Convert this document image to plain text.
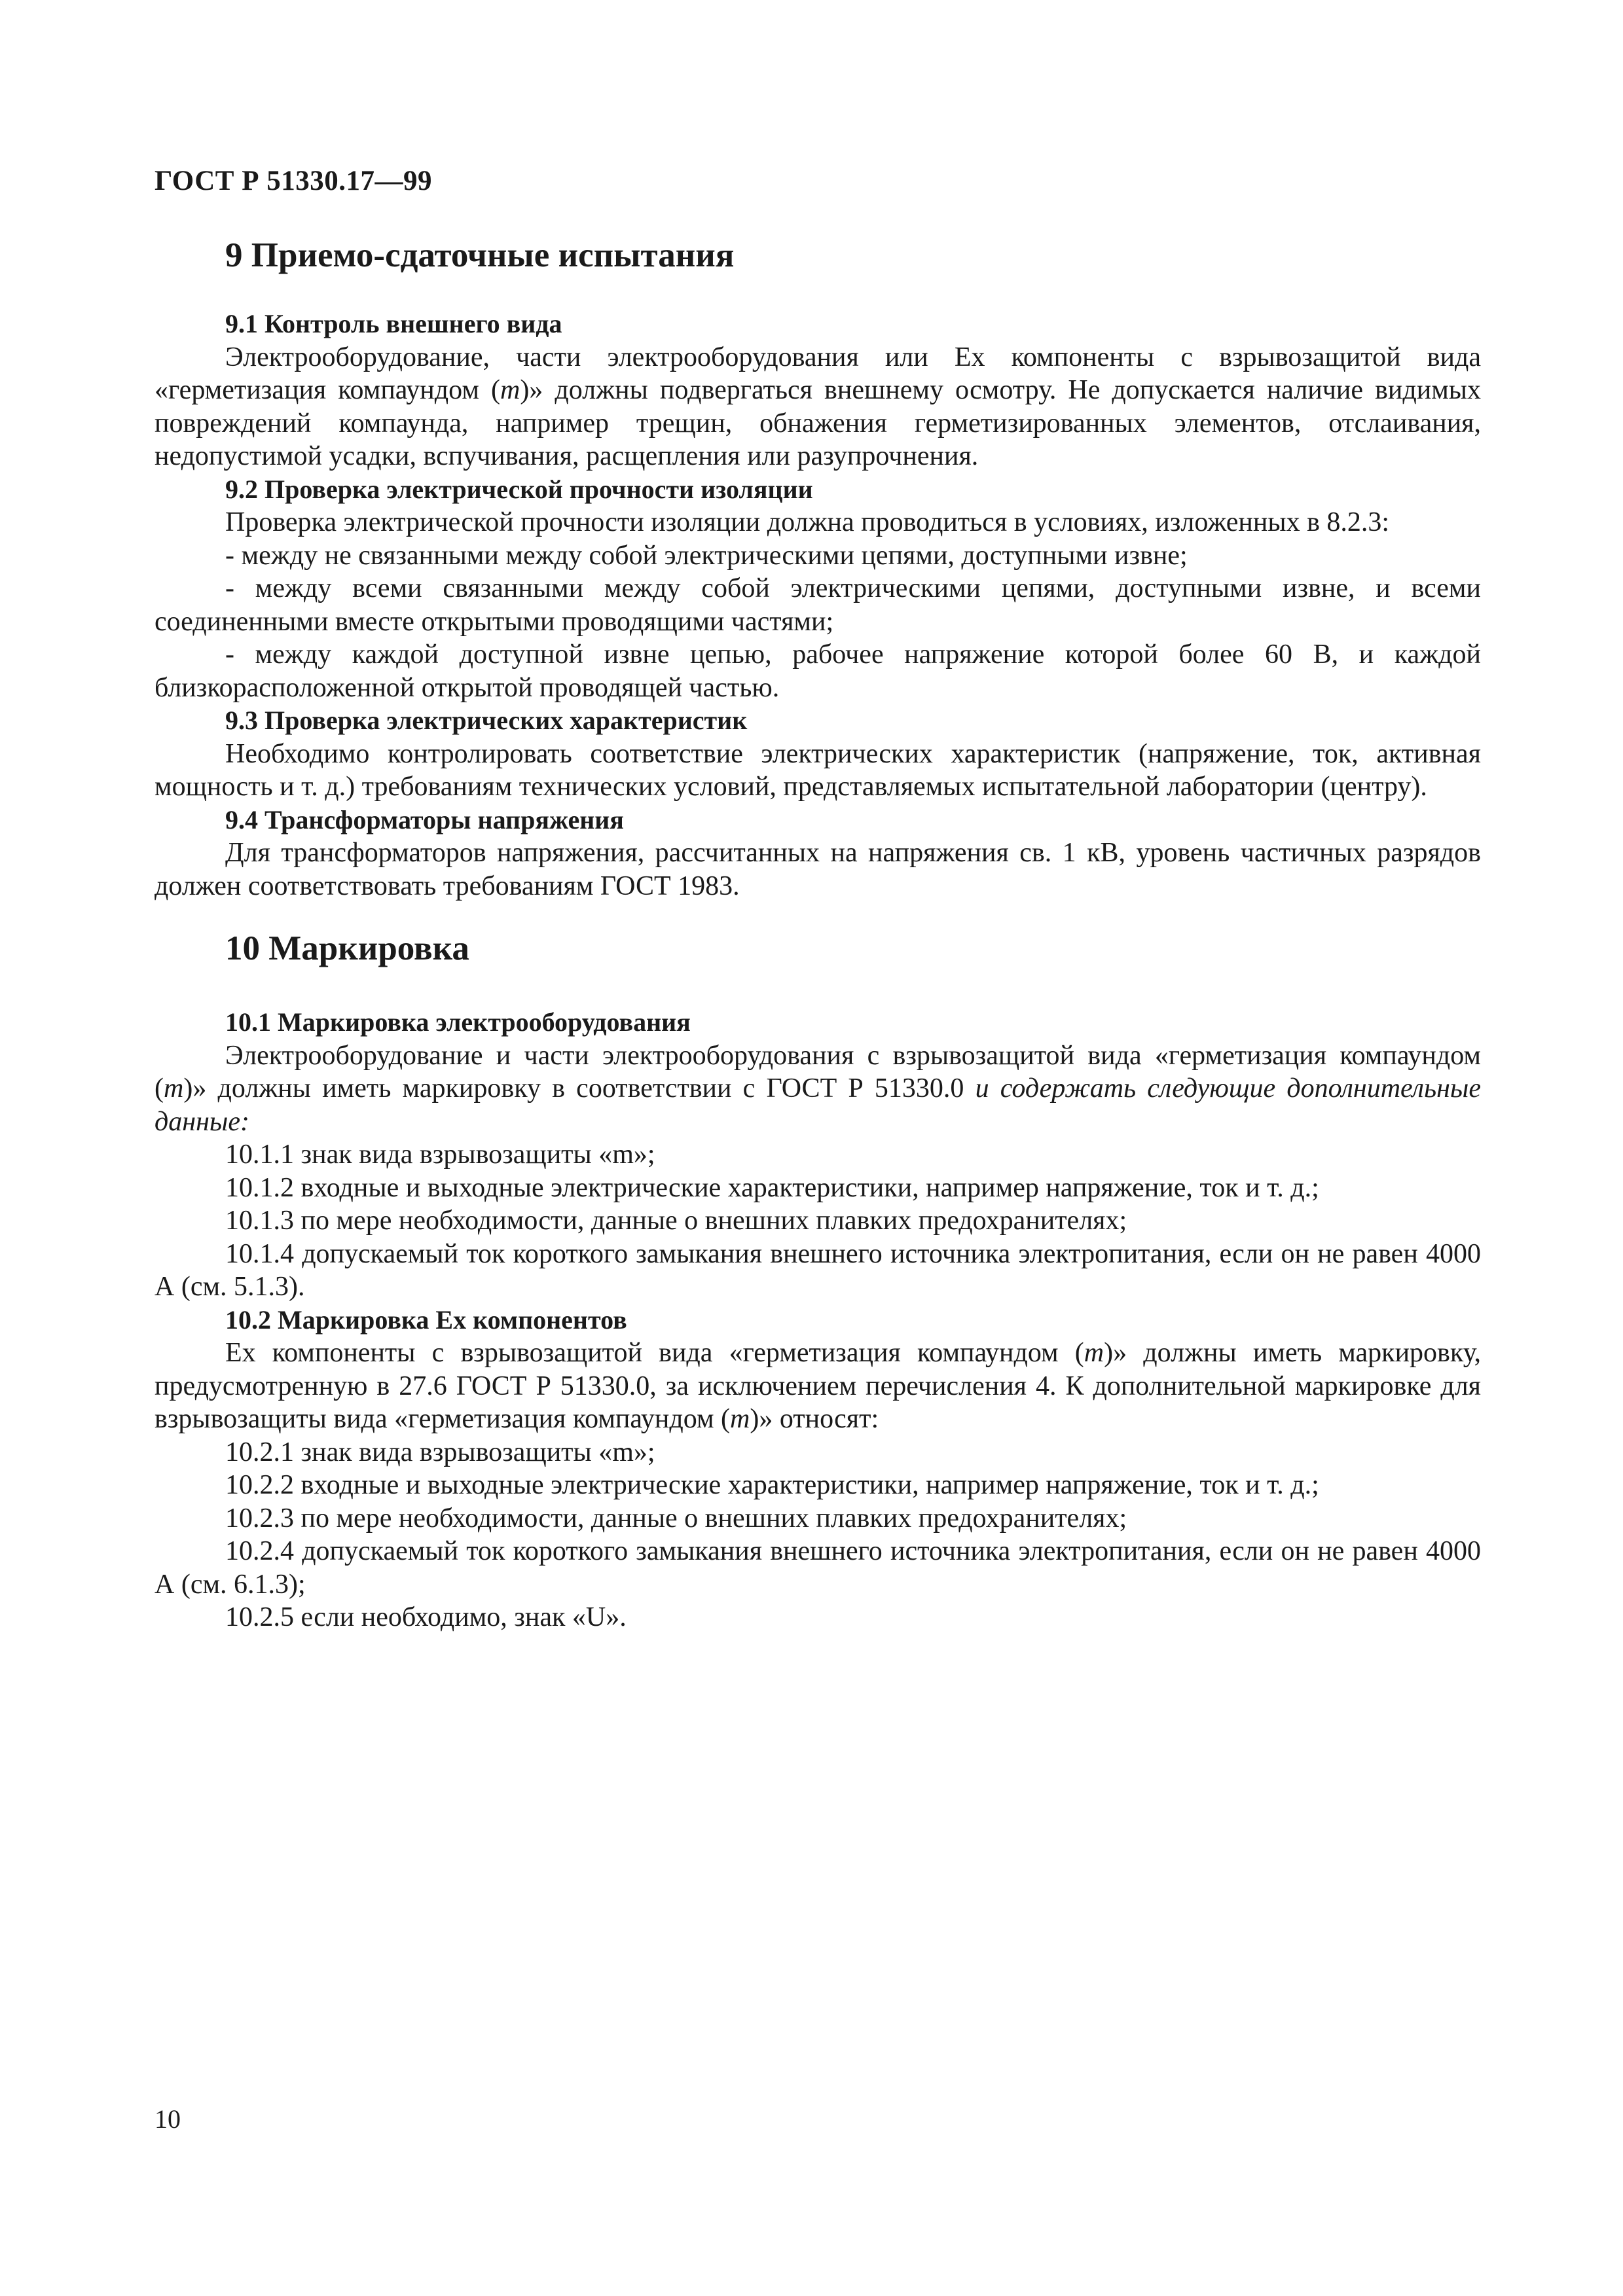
ГОСТ Р 51330.17—99
9 Приемо-сдаточные испытания
9.1 Контроль внешнего вида

Электрооборудование, части электрооборудования или Ех компоненты с взрывозащитой вида «герметизация компаундом (m)» должны подвергаться внешнему осмотру. Не допускается наличие видимых повреждений компаунда, например трещин, обнажения герметизированных элементов, отслаивания, недопустимой усадки, вспучивания, расщепления или разупрочнения.

9.2 Проверка электрической прочности изоляции

Проверка электрической прочности изоляции должна проводиться в условиях, изложенных в 8.2.3:

- между не связанными между собой электрическими цепями, доступными извне;

- между всеми связанными между собой электрическими цепями, доступными извне, и всеми соединенными вместе открытыми проводящими частями;

- между каждой доступной извне цепью, рабочее напряжение которой более 60 В, и каждой близкорасположенной открытой проводящей частью.

9.3 Проверка электрических характеристик

Необходимо контролировать соответствие электрических характеристик (напряжение, ток, активная мощность и т. д.) требованиям технических условий, представляемых испытательной лаборатории (центру).

9.4 Трансформаторы напряжения

Для трансформаторов напряжения, рассчитанных на напряжения св. 1 кВ, уровень частичных разрядов должен соответствовать требованиям ГОСТ 1983.

10 Маркировка
10.1 Маркировка электрооборудования

Электрооборудование и части электрооборудования с взрывозащитой вида «герметизация компаундом (m)» должны иметь маркировку в соответствии с ГОСТ Р 51330.0 и содержать следующие дополнительные данные:

10.1.1 знак вида взрывозащиты «m»;

10.1.2 входные и выходные электрические характеристики, например напряжение, ток и т. д.;

10.1.3 по мере необходимости, данные о внешних плавких предохранителях;

10.1.4 допускаемый ток короткого замыкания внешнего источника электропитания, если он не равен 4000 А (см. 5.1.3).

10.2 Маркировка Ех компонентов

Ех компоненты с взрывозащитой вида «герметизация компаундом (m)» должны иметь маркировку, предусмотренную в 27.6 ГОСТ Р 51330.0, за исключением перечисления 4. К дополнительной маркировке для взрывозащиты вида «герметизация компаундом (m)» относят:

10.2.1 знак вида взрывозащиты «m»;

10.2.2 входные и выходные электрические характеристики, например напряжение, ток и т. д.;

10.2.3 по мере необходимости, данные о внешних плавких предохранителях;

10.2.4 допускаемый ток короткого замыкания внешнего источника электропитания, если он не равен 4000 А (см. 6.1.3);

10.2.5 если необходимо, знак «U».

10
